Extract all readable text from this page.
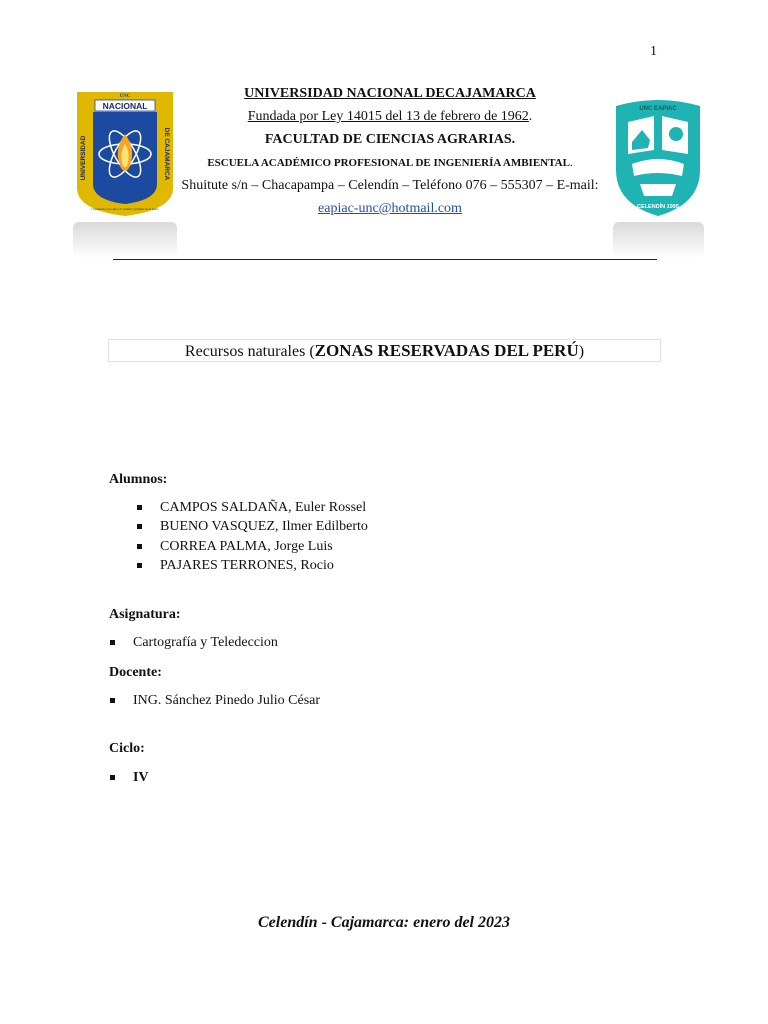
1
UNC
NACIONAL
UNIVERSIDAD	DE CAJAMARCA
Conságrate a la vida y la verdad y ayúdalas de la mano
UNC EAPIAC
CELENDÍN 1995
UNIVERSIDAD NACIONAL DECAJAMARCA
Fundada por Ley 14015 del 13 de febrero de 1962.
FACULTAD DE CIENCIAS AGRARIAS.
ESCUELA ACADÉMICO PROFESIONAL DE INGENIERÍA AMBIENTAL.
Shuitute s/n – Chacapampa – Celendín – Teléfono 076 – 555307 – E-mail:
eapiac-unc@hotmail.com
Recursos naturales (ZONAS RESERVADAS DEL PERÚ)
Alumnos:
CAMPOS SALDAÑA, Euler Rossel
BUENO VASQUEZ, Ilmer Edilberto
CORREA PALMA, Jorge Luis
PAJARES TERRONES, Rocio
Asignatura:
Cartografía y Teledeccion
Docente:
ING. Sánchez Pinedo Julio César
Ciclo:
IV
Celendín - Cajamarca: enero del 2023
